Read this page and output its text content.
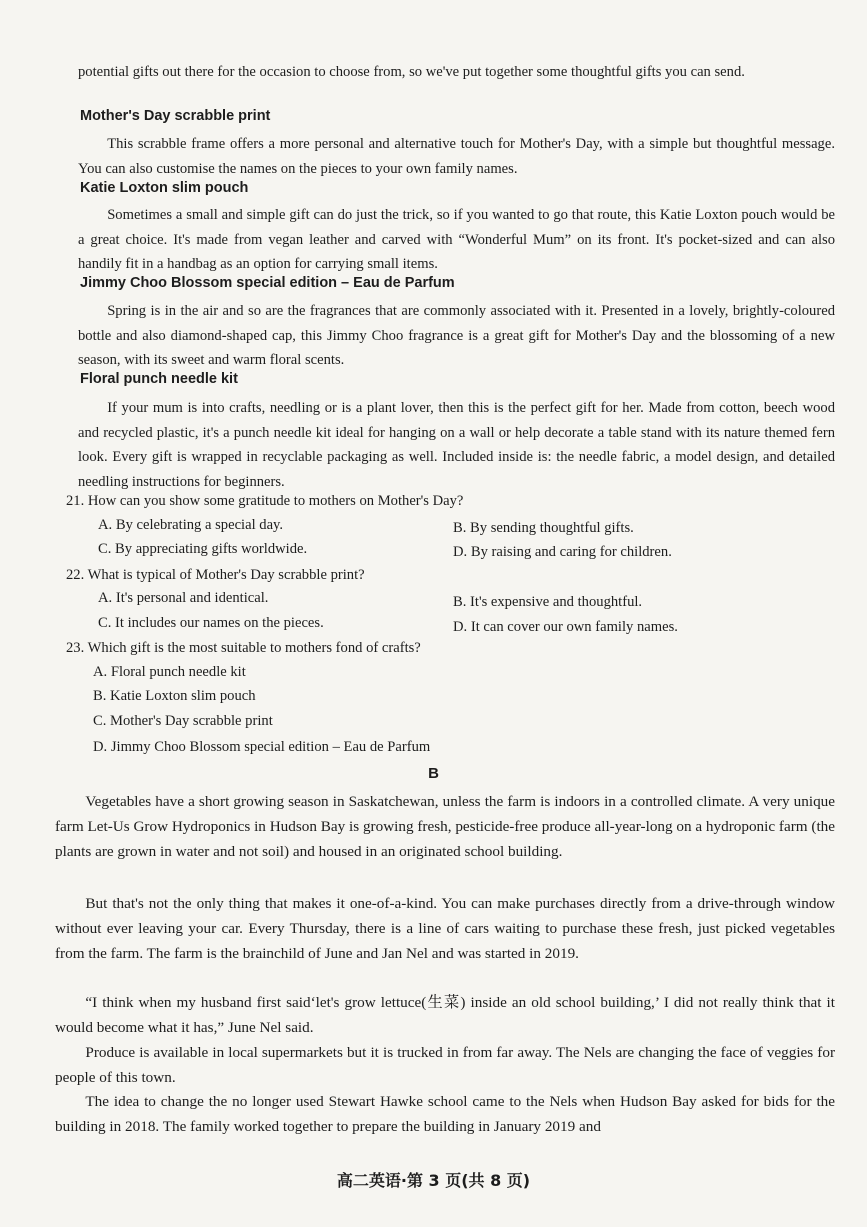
potential gifts out there for the occasion to choose from, so we've put together some thoughtful gifts you can send.

Mother's Day scrabble print

This scrabble frame offers a more personal and alternative touch for Mother's Day, with a simple but thoughtful message. You can also customise the names on the pieces to your own family names.

Katie Loxton slim pouch

Sometimes a small and simple gift can do just the trick, so if you wanted to go that route, this Katie Loxton pouch would be a great choice. It's made from vegan leather and carved with “Wonderful Mum” on its front. It's pocket-sized and can also handily fit in a handbag as an option for carrying small items.

Jimmy Choo Blossom special edition – Eau de Parfum

Spring is in the air and so are the fragrances that are commonly associated with it. Presented in a lovely, brightly-coloured bottle and also diamond-shaped cap, this Jimmy Choo fragrance is a great gift for Mother's Day and the blossoming of a new season, with its sweet and warm floral scents.

Floral punch needle kit

If your mum is into crafts, needling or is a plant lover, then this is the perfect gift for her. Made from cotton, beech wood and recycled plastic, it's a punch needle kit ideal for hanging on a wall or help decorate a table stand with its nature themed fern look. Every gift is wrapped in recyclable packaging as well. Included inside is: the needle fabric, a model design, and detailed needling instructions for beginners.

21. How can you show some gratitude to mothers on Mother's Day?

A. By celebrating a special day.	B. By sending thoughtful gifts.

C. By appreciating gifts worldwide.	D. By raising and caring for children.

22. What is typical of Mother's Day scrabble print?

A. It's personal and identical.	B. It's expensive and thoughtful.

C. It includes our names on the pieces.	D. It can cover our own family names.

23. Which gift is the most suitable to mothers fond of crafts?

A. Floral punch needle kit

B. Katie Loxton slim pouch

C. Mother's Day scrabble print

D. Jimmy Choo Blossom special edition – Eau de Parfum

B

Vegetables have a short growing season in Saskatchewan, unless the farm is indoors in a controlled climate. A very unique farm Let-Us Grow Hydroponics in Hudson Bay is growing fresh, pesticide-free produce all-year-long on a hydroponic farm (the plants are grown in water and not soil) and housed in an originated school building.

But that's not the only thing that makes it one-of-a-kind. You can make purchases directly from a drive-through window without ever leaving your car. Every Thursday, there is a line of cars waiting to purchase these fresh, just picked vegetables from the farm. The farm is the brainchild of June and Jan Nel and was started in 2019.

“I think when my husband first said‘let's grow lettuce(生菜) inside an old school building,’ I did not really think that it would become what it has,” June Nel said.

Produce is available in local supermarkets but it is trucked in from far away. The Nels are changing the face of veggies for people of this town.

The idea to change the no longer used Stewart Hawke school came to the Nels when Hudson Bay asked for bids for the building in 2018. The family worked together to prepare the building in January 2019 and

高二英语·第 3 页(共 8 页)
